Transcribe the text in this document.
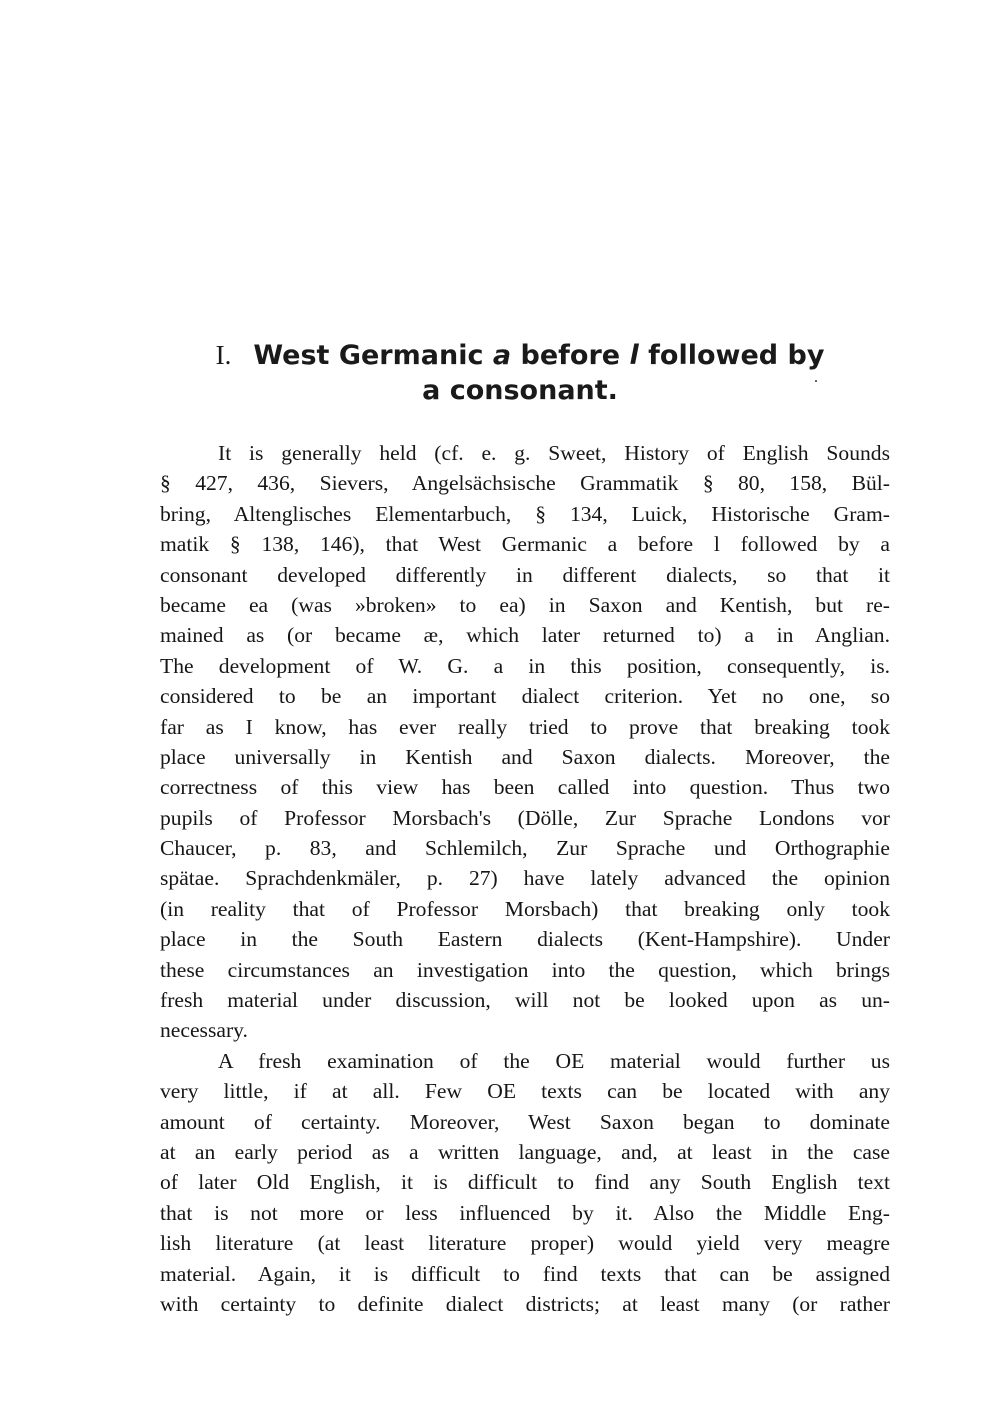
I. West Germanic a before l followed by
a consonant.
It is generally held (cf. e. g. Sweet, History of English Sounds
§ 427, 436, Sievers, Angelsächsische Grammatik § 80, 158, Bül-
bring, Altenglisches Elementarbuch, § 134, Luick, Historische Gram-
matik § 138, 146), that West Germanic a before l followed by a
consonant developed differently in different dialects, so that it
became ea (was »broken» to ea) in Saxon and Kentish, but re-
mained as (or became æ, which later returned to) a in Anglian.
The development of W. G. a in this position, consequently, is.
considered to be an important dialect criterion. Yet no one, so
far as I know, has ever really tried to prove that breaking took
place universally in Kentish and Saxon dialects. Moreover, the
correctness of this view has been called into question. Thus two
pupils of Professor Morsbach's (Dölle, Zur Sprache Londons vor
Chaucer, p. 83, and Schlemilch, Zur Sprache und Orthographie
spätae. Sprachdenkmäler, p. 27) have lately advanced the opinion
(in reality that of Professor Morsbach) that breaking only took
place in the South Eastern dialects (Kent-Hampshire). Under
these circumstances an investigation into the question, which brings
fresh material under discussion, will not be looked upon as un-
necessary.
A fresh examination of the OE material would further us
very little, if at all. Few OE texts can be located with any
amount of certainty. Moreover, West Saxon began to dominate
at an early period as a written language, and, at least in the case
of later Old English, it is difficult to find any South English text
that is not more or less influenced by it. Also the Middle Eng-
lish literature (at least literature proper) would yield very meagre
material. Again, it is difficult to find texts that can be assigned
with certainty to definite dialect districts; at least many (or rather
